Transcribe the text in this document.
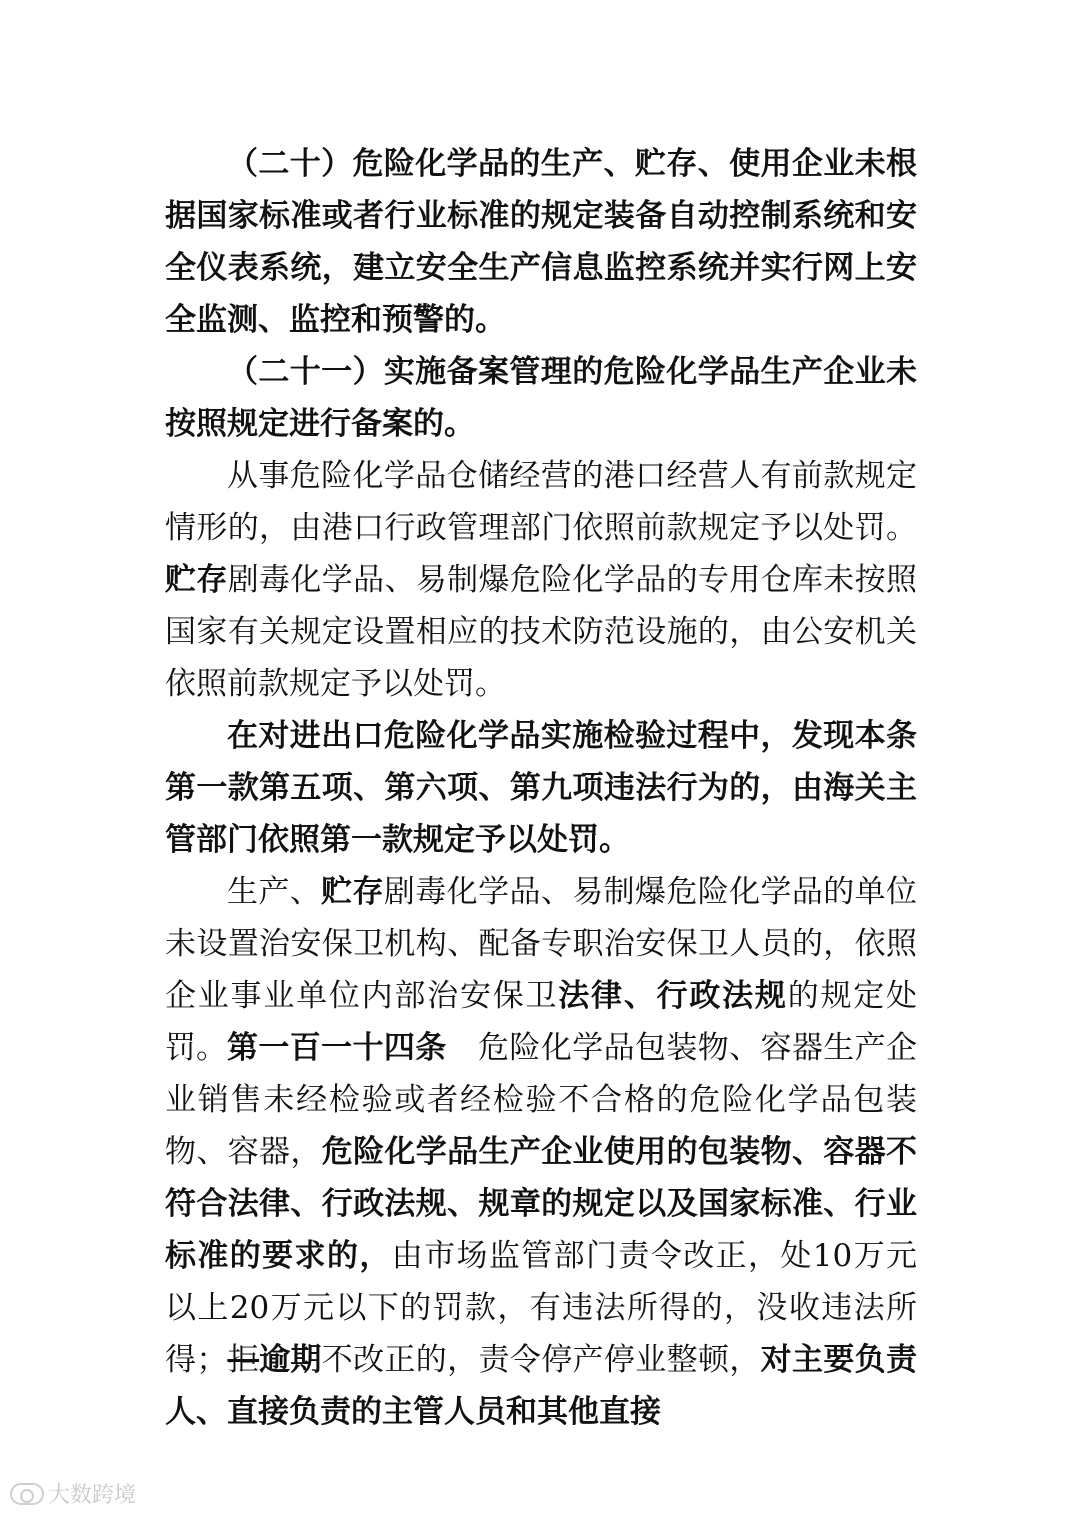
（二十）危险化学品的生产、贮存、使用企业未根据国家标准或者行业标准的规定装备自动控制系统和安全仪表系统，建立安全生产信息监控系统并实行网上安全监测、监控和预警的。

（二十一）实施备案管理的危险化学品生产企业未按照规定进行备案的。

从事危险化学品仓储经营的港口经营人有前款规定情形的，由港口行政管理部门依照前款规定予以处罚。贮存剧毒化学品、易制爆危险化学品的专用仓库未按照国家有关规定设置相应的技术防范设施的，由公安机关依照前款规定予以处罚。

在对进出口危险化学品实施检验过程中，发现本条第一款第五项、第六项、第九项违法行为的，由海关主管部门依照第一款规定予以处罚。

生产、贮存剧毒化学品、易制爆危险化学品的单位未设置治安保卫机构、配备专职治安保卫人员的，依照企业事业单位内部治安保卫法律、行政法规的规定处罚。 第一百一十四条　危险化学品包装物、容器生产企业销售未经检验或者经检验不合格的危险化学品包装物、容器，危险化学品生产企业使用的包装物、容器不符合法律、行政法规、规章的规定以及国家标准、行业标准的要求的，由市场监管部门责令改正，处10万元以上20万元以下的罚款，有违法所得的，没收违法所得；拒逾期不改正的，责令停产停业整顿，对主要负责人、直接负责的主管人员和其他直接

大数跨境
